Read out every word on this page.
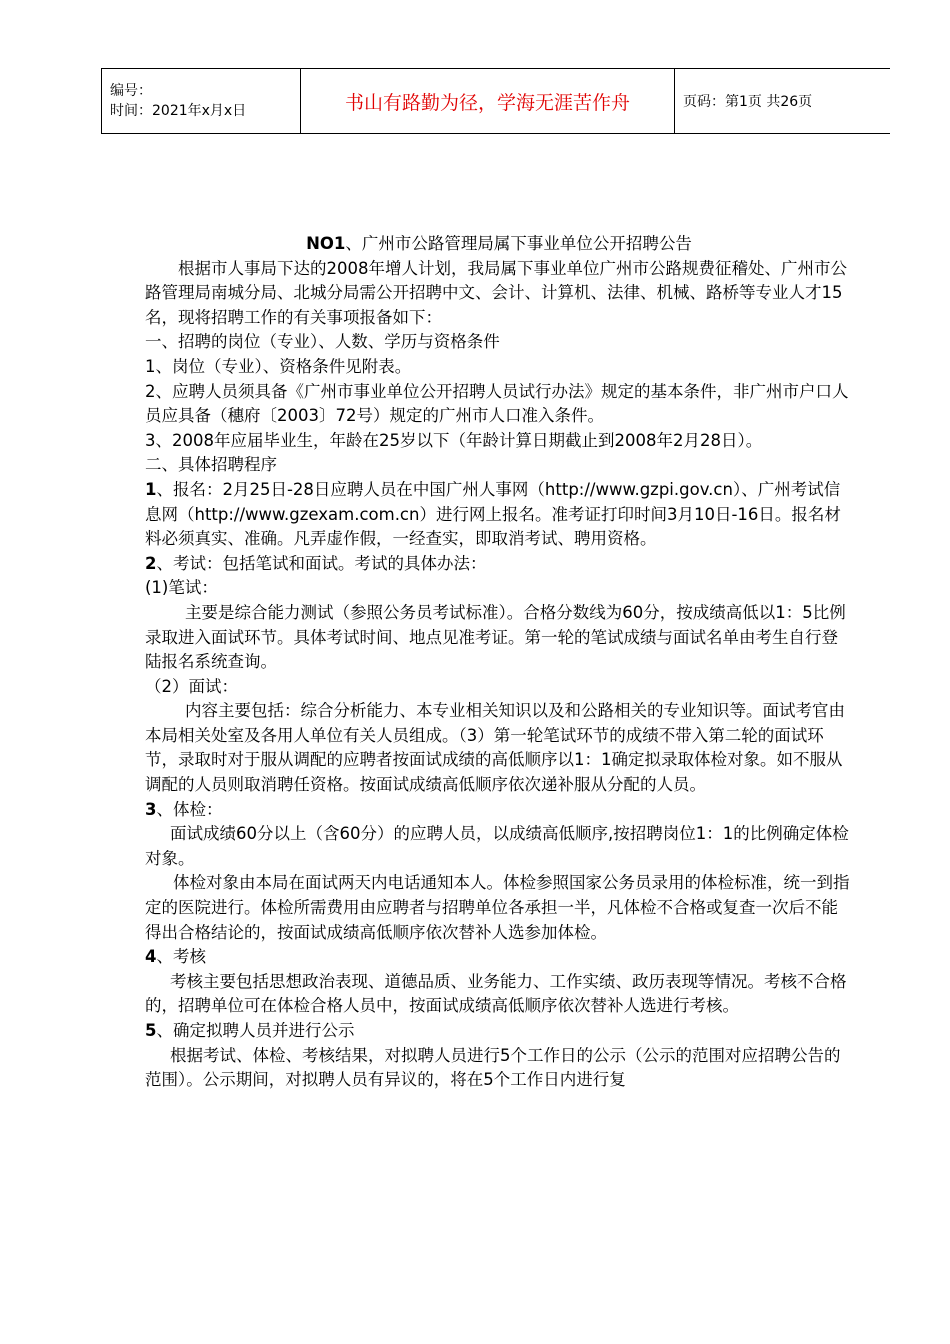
编号：
时间：2021年x月x日	书山有路勤为径，学海无涯苦作舟	页码：第1页 共26页

NO1、广州市公路管理局属下事业单位公开招聘公告

根据市人事局下达的2008年增人计划，我局属下事业单位广州市公路规费征稽处、广州市公路管理局南城分局、北城分局需公开招聘中文、会计、计算机、法律、机械、路桥等专业人才15名，现将招聘工作的有关事项报备如下：

一、招聘的岗位（专业）、人数、学历与资格条件

1、岗位（专业）、资格条件见附表。

2、应聘人员须具备《广州市事业单位公开招聘人员试行办法》规定的基本条件，非广州市户口人员应具备（穗府〔2003〕72号）规定的广州市人口准入条件。

3、2008年应届毕业生，年龄在25岁以下（年龄计算日期截止到2008年2月28日）。

二、具体招聘程序

1、报名：2月25日-28日应聘人员在中国广州人事网（http://www.gzpi.gov.cn）、广州考试信息网（http://www.gzexam.com.cn）进行网上报名。准考证打印时间3月10日-16日。报名材料必须真实、准确。凡弄虚作假，一经查实，即取消考试、聘用资格。

2、考试：包括笔试和面试。考试的具体办法：

(1)笔试：

主要是综合能力测试（参照公务员考试标准）。合格分数线为60分，按成绩高低以1：5比例录取进入面试环节。具体考试时间、地点见准考证。第一轮的笔试成绩与面试名单由考生自行登陆报名系统查询。

（2）面试：

内容主要包括：综合分析能力、本专业相关知识以及和公路相关的专业知识等。面试考官由本局相关处室及各用人单位有关人员组成。（3）第一轮笔试环节的成绩不带入第二轮的面试环节，录取时对于服从调配的应聘者按面试成绩的高低顺序以1：1确定拟录取体检对象。如不服从调配的人员则取消聘任资格。按面试成绩高低顺序依次递补服从分配的人员。

3、体检：

面试成绩60分以上（含60分）的应聘人员，以成绩高低顺序,按招聘岗位1：1的比例确定体检对象。

体检对象由本局在面试两天内电话通知本人。体检参照国家公务员录用的体检标准，统一到指定的医院进行。体检所需费用由应聘者与招聘单位各承担一半，凡体检不合格或复查一次后不能得出合格结论的，按面试成绩高低顺序依次替补人选参加体检。

4、考核

考核主要包括思想政治表现、道德品质、业务能力、工作实绩、政历表现等情况。考核不合格的，招聘单位可在体检合格人员中，按面试成绩高低顺序依次替补人选进行考核。

5、确定拟聘人员并进行公示

根据考试、体检、考核结果，对拟聘人员进行5个工作日的公示（公示的范围对应招聘公告的范围）。公示期间，对拟聘人员有异议的，将在5个工作日内进行复
